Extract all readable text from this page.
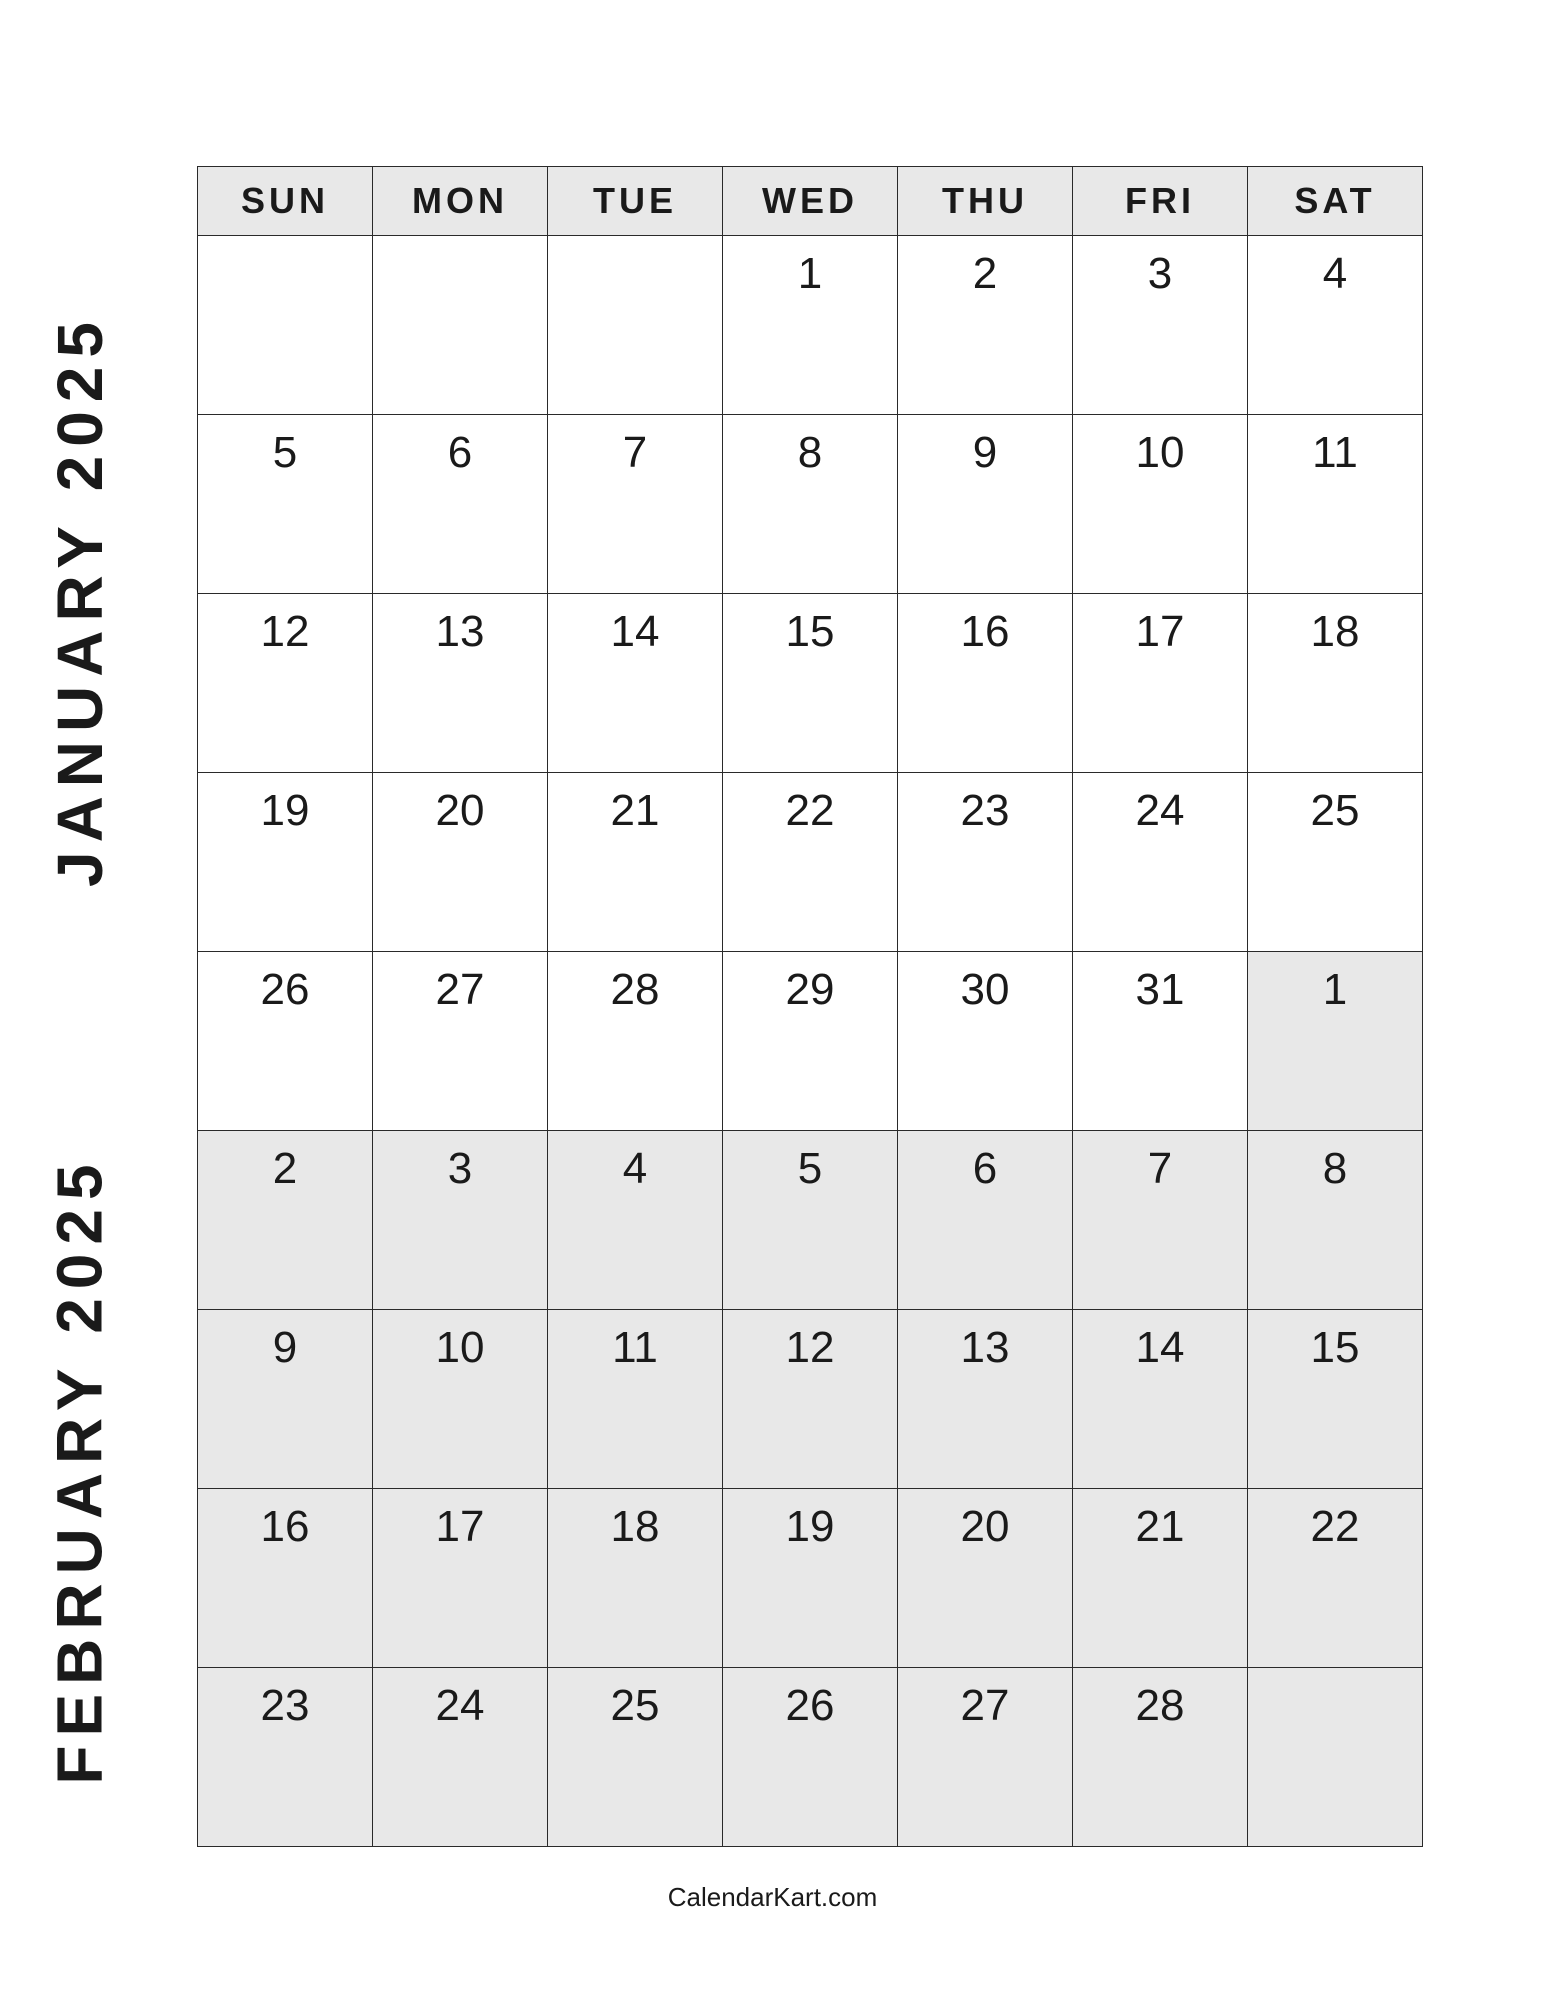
JANUARY 2025
FEBRUARY 2025
SUN	MON	TUE	WED	THU	FRI	SAT

			1	2	3	4

5	6	7	8	9	10	11

12	13	14	15	16	17	18

19	20	21	22	23	24	25

26	27	28	29	30	31	1

2	3	4	5	6	7	8

9	10	11	12	13	14	15

16	17	18	19	20	21	22

23	24	25	26	27	28	

CalendarKart.com
